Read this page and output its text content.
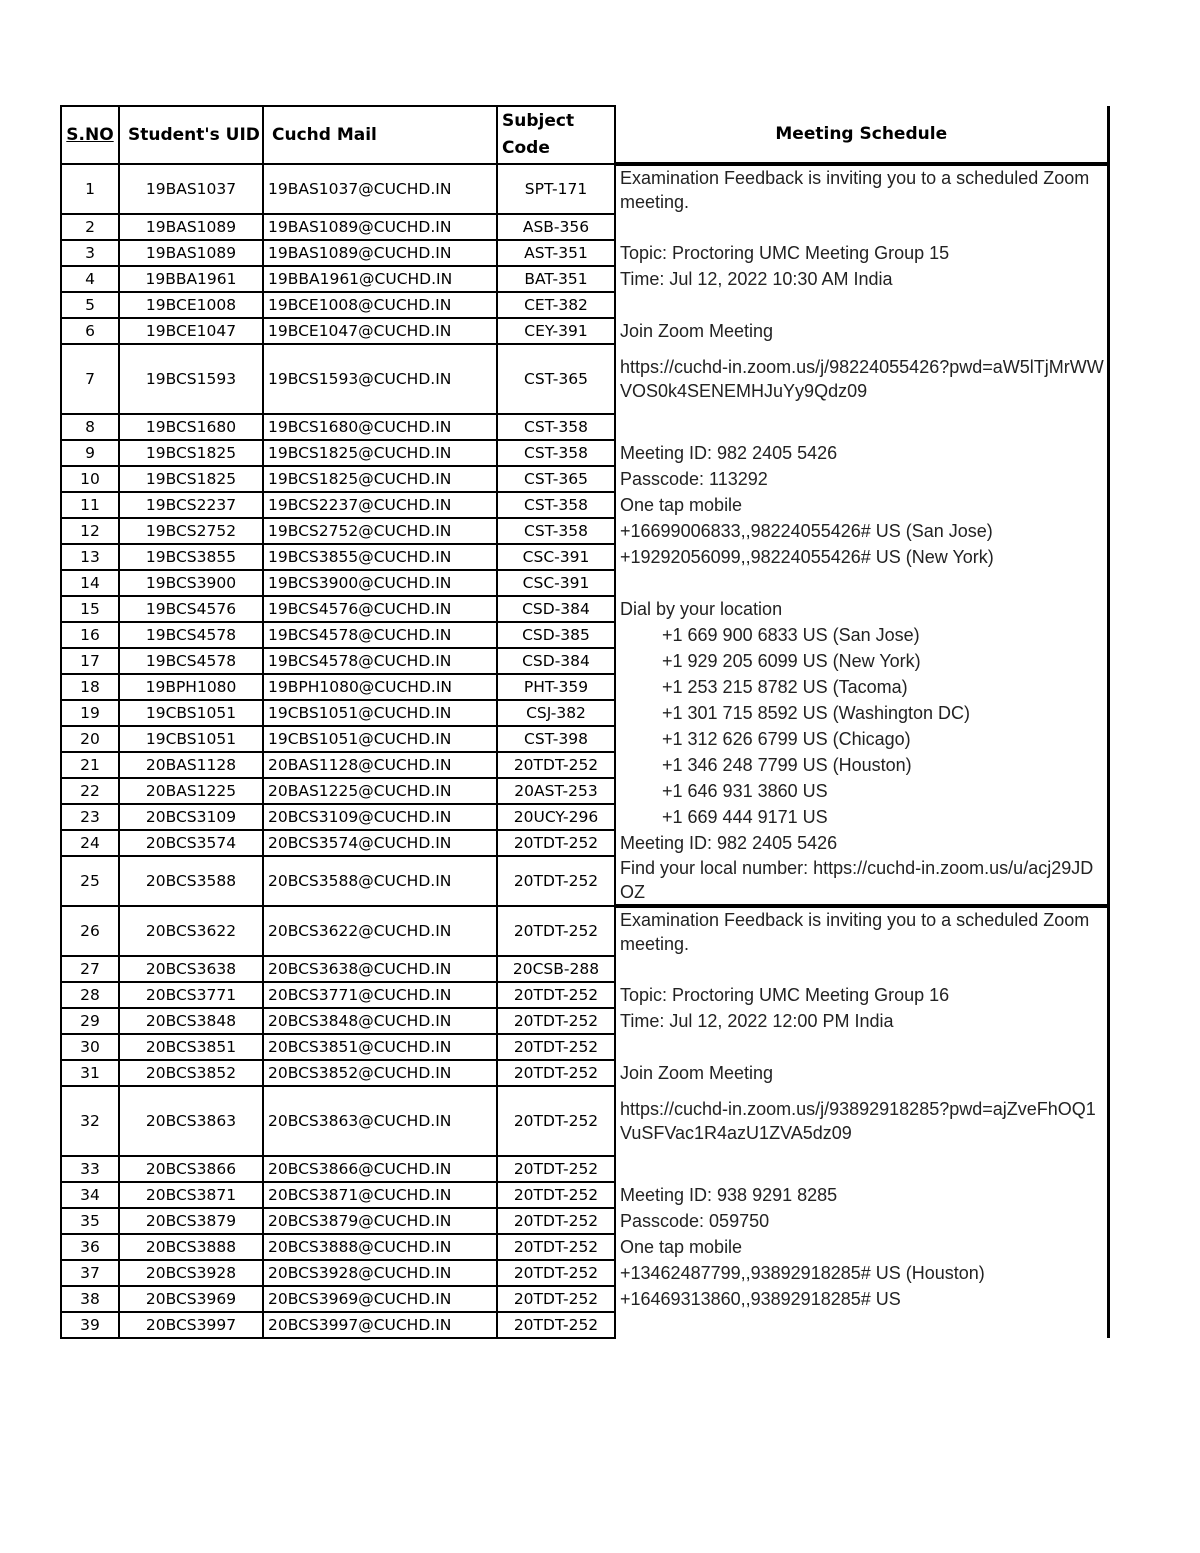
S.NO	Student's UID	Cuchd Mail	Subject Code	Meeting Schedule
1	19BAS1037	19BAS1037@CUCHD.IN	SPT-171	Examination Feedback is inviting you to a scheduled Zoom meeting.
2	19BAS1089	19BAS1089@CUCHD.IN	ASB-356	
3	19BAS1089	19BAS1089@CUCHD.IN	AST-351	Topic: Proctoring UMC Meeting Group 15
4	19BBA1961	19BBA1961@CUCHD.IN	BAT-351	Time: Jul 12, 2022 10:30 AM India
5	19BCE1008	19BCE1008@CUCHD.IN	CET-382	
6	19BCE1047	19BCE1047@CUCHD.IN	CEY-391	Join Zoom Meeting
7	19BCS1593	19BCS1593@CUCHD.IN	CST-365	https://cuchd-in.zoom.us/j/98224055426?pwd=aW5lTjMrWWVOS0k4SENEMHJuYy9Qdz09
8	19BCS1680	19BCS1680@CUCHD.IN	CST-358	
9	19BCS1825	19BCS1825@CUCHD.IN	CST-358	Meeting ID: 982 2405 5426
10	19BCS1825	19BCS1825@CUCHD.IN	CST-365	Passcode: 113292
11	19BCS2237	19BCS2237@CUCHD.IN	CST-358	One tap mobile
12	19BCS2752	19BCS2752@CUCHD.IN	CST-358	+16699006833,,98224055426# US (San Jose)
13	19BCS3855	19BCS3855@CUCHD.IN	CSC-391	+19292056099,,98224055426# US (New York)
14	19BCS3900	19BCS3900@CUCHD.IN	CSC-391	
15	19BCS4576	19BCS4576@CUCHD.IN	CSD-384	Dial by your location
16	19BCS4578	19BCS4578@CUCHD.IN	CSD-385	+1 669 900 6833 US (San Jose)
17	19BCS4578	19BCS4578@CUCHD.IN	CSD-384	+1 929 205 6099 US (New York)
18	19BPH1080	19BPH1080@CUCHD.IN	PHT-359	+1 253 215 8782 US (Tacoma)
19	19CBS1051	19CBS1051@CUCHD.IN	CSJ-382	+1 301 715 8592 US (Washington DC)
20	19CBS1051	19CBS1051@CUCHD.IN	CST-398	+1 312 626 6799 US (Chicago)
21	20BAS1128	20BAS1128@CUCHD.IN	20TDT-252	+1 346 248 7799 US (Houston)
22	20BAS1225	20BAS1225@CUCHD.IN	20AST-253	+1 646 931 3860 US
23	20BCS3109	20BCS3109@CUCHD.IN	20UCY-296	+1 669 444 9171 US
24	20BCS3574	20BCS3574@CUCHD.IN	20TDT-252	Meeting ID: 982 2405 5426
25	20BCS3588	20BCS3588@CUCHD.IN	20TDT-252	Find your local number: https://cuchd-in.zoom.us/u/acj29JDOZ
26	20BCS3622	20BCS3622@CUCHD.IN	20TDT-252	Examination Feedback is inviting you to a scheduled Zoom meeting.
27	20BCS3638	20BCS3638@CUCHD.IN	20CSB-288	
28	20BCS3771	20BCS3771@CUCHD.IN	20TDT-252	Topic: Proctoring UMC Meeting Group 16
29	20BCS3848	20BCS3848@CUCHD.IN	20TDT-252	Time: Jul 12, 2022 12:00 PM India
30	20BCS3851	20BCS3851@CUCHD.IN	20TDT-252	
31	20BCS3852	20BCS3852@CUCHD.IN	20TDT-252	Join Zoom Meeting
32	20BCS3863	20BCS3863@CUCHD.IN	20TDT-252	https://cuchd-in.zoom.us/j/93892918285?pwd=ajZveFhOQ1VuSFVac1R4azU1ZVA5dz09
33	20BCS3866	20BCS3866@CUCHD.IN	20TDT-252	
34	20BCS3871	20BCS3871@CUCHD.IN	20TDT-252	Meeting ID: 938 9291 8285
35	20BCS3879	20BCS3879@CUCHD.IN	20TDT-252	Passcode: 059750
36	20BCS3888	20BCS3888@CUCHD.IN	20TDT-252	One tap mobile
37	20BCS3928	20BCS3928@CUCHD.IN	20TDT-252	+13462487799,,93892918285# US (Houston)
38	20BCS3969	20BCS3969@CUCHD.IN	20TDT-252	+16469313860,,93892918285# US
39	20BCS3997	20BCS3997@CUCHD.IN	20TDT-252	
